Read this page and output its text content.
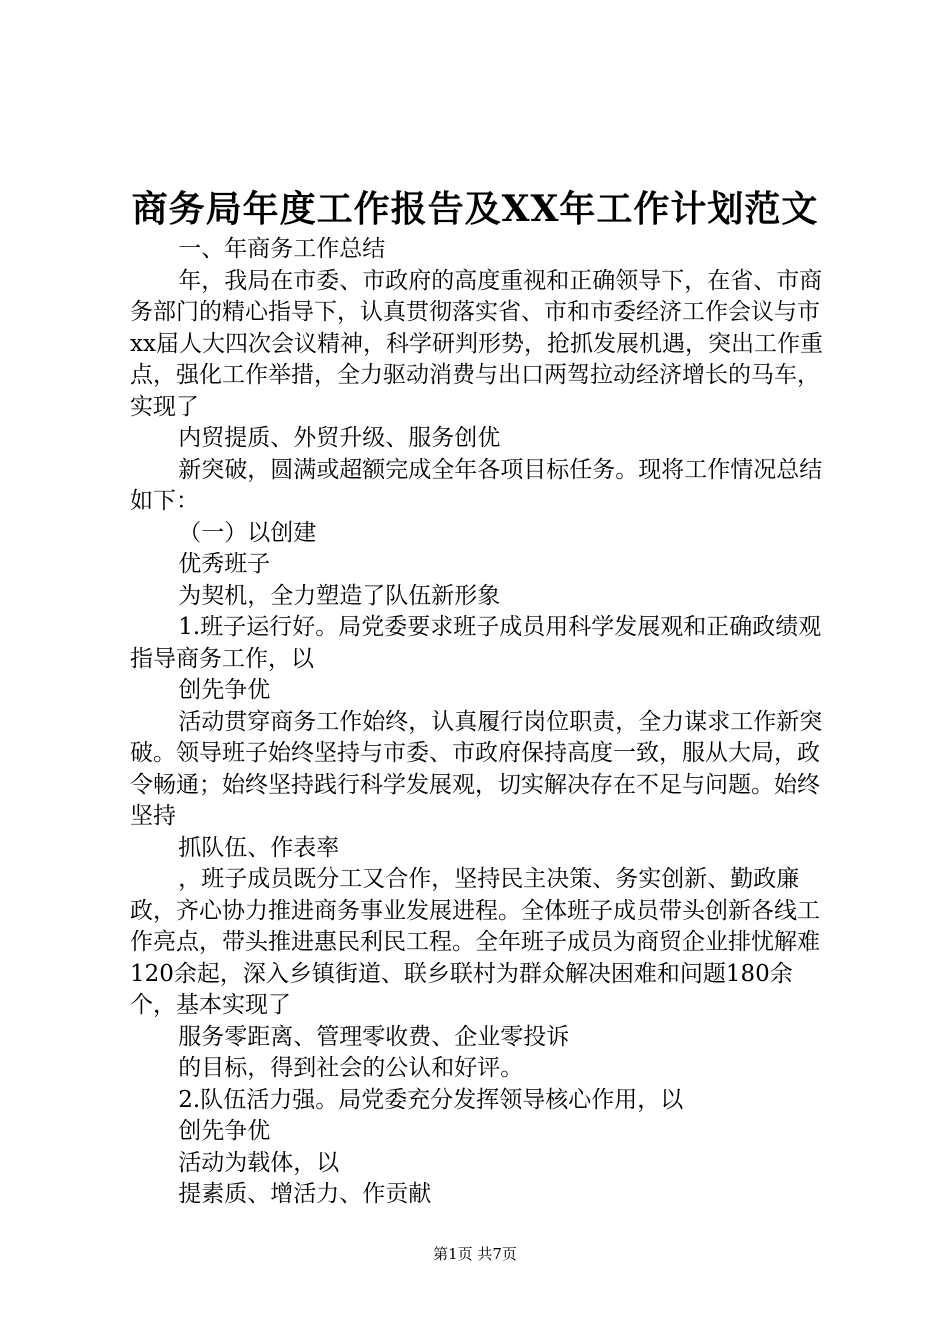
商务局年度工作报告及XX年工作计划范文

一、年商务工作总结

年，我局在市委、市政府的高度重视和正确领导下，在省、市商务部门的精心指导下，认真贯彻落实省、市和市委经济工作会议与市xx届人大四次会议精神，科学研判形势，抢抓发展机遇，突出工作重点，强化工作举措，全力驱动消费与出口两驾拉动经济增长的马车，实现了

内贸提质、外贸升级、服务创优

新突破，圆满或超额完成全年各项目标任务。现将工作情况总结如下：

（一）以创建

优秀班子

为契机，全力塑造了队伍新形象

1.班子运行好。局党委要求班子成员用科学发展观和正确政绩观指导商务工作，以

创先争优

活动贯穿商务工作始终，认真履行岗位职责，全力谋求工作新突破。领导班子始终坚持与市委、市政府保持高度一致，服从大局，政令畅通；始终坚持践行科学发展观，切实解决存在不足与问题。始终坚持

抓队伍、作表率

，班子成员既分工又合作，坚持民主决策、务实创新、勤政廉政，齐心协力推进商务事业发展进程。全体班子成员带头创新各线工作亮点，带头推进惠民利民工程。全年班子成员为商贸企业排忧解难120余起，深入乡镇街道、联乡联村为群众解决困难和问题180余个，基本实现了

服务零距离、管理零收费、企业零投诉

的目标，得到社会的公认和好评。

2.队伍活力强。局党委充分发挥领导核心作用，以

创先争优

活动为载体，以

提素质、增活力、作贡献

第1页 共7页
